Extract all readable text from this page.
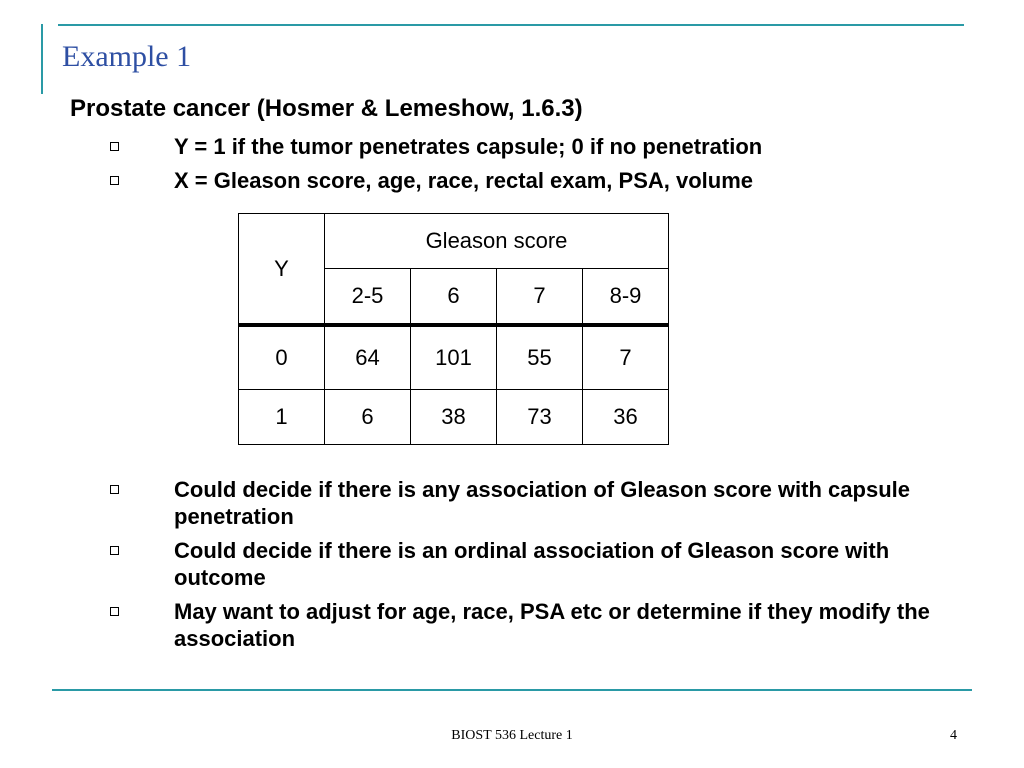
Example 1
Prostate cancer (Hosmer & Lemeshow, 1.6.3)
Y = 1 if the tumor penetrates capsule; 0 if no penetration
X = Gleason score, age, race, rectal exam, PSA, volume
Y	Gleason score			
	2-5	6	7	8-9
0	64	101	55	7
1	6	38	73	36
Could decide if there is any association of Gleason score with capsule penetration
Could decide if there is an ordinal association of Gleason score with outcome
May want to adjust for age, race, PSA etc or determine if they modify the association
BIOST 536 Lecture 1	4
